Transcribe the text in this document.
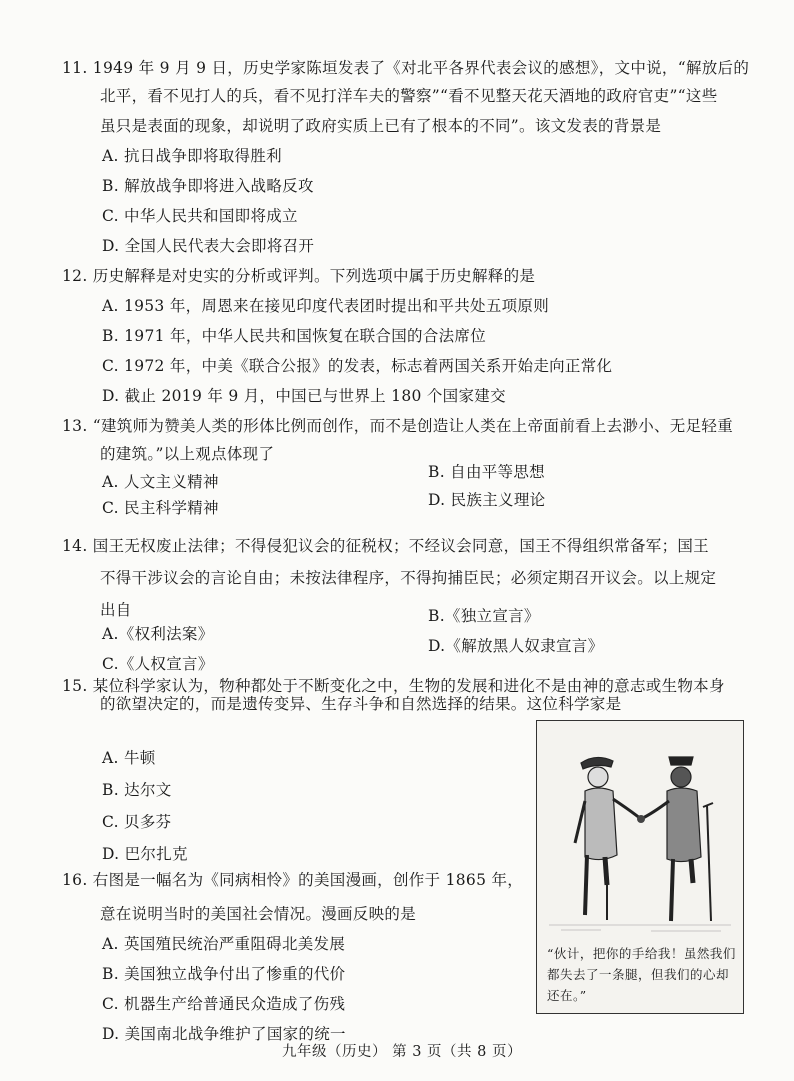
11. 1949 年 9 月 9 日，历史学家陈垣发表了《对北平各界代表会议的感想》，文中说，“解放后的
北平，看不见打人的兵，看不见打洋车夫的警察”“看不见整天花天酒地的政府官吏”“这些
虽只是表面的现象，却说明了政府实质上已有了根本的不同”。该文发表的背景是
A. 抗日战争即将取得胜利
B. 解放战争即将进入战略反攻
C. 中华人民共和国即将成立
D. 全国人民代表大会即将召开
12. 历史解释是对史实的分析或评判。下列选项中属于历史解释的是
A. 1953 年，周恩来在接见印度代表团时提出和平共处五项原则
B. 1971 年，中华人民共和国恢复在联合国的合法席位
C. 1972 年，中美《联合公报》的发表，标志着两国关系开始走向正常化
D. 截止 2019 年 9 月，中国已与世界上 180 个国家建交
13. “建筑师为赞美人类的形体比例而创作，而不是创造让人类在上帝面前看上去渺小、无足轻重
的建筑。”以上观点体现了
A. 人文主义精神
B. 自由平等思想
C. 民主科学精神	D. 民族主义理论
14. 国王无权废止法律；不得侵犯议会的征税权；不经议会同意，国王不得组织常备军；国王
不得干涉议会的言论自由；未按法律程序，不得拘捕臣民；必须定期召开议会。以上规定
出自
A.《权利法案》
B.《独立宣言》
C.《人权宣言》
D.《解放黑人奴隶宣言》
15. 某位科学家认为，物种都处于不断变化之中，生物的发展和进化不是由神的意志或生物本身
的欲望决定的，而是遗传变异、生存斗争和自然选择的结果。这位科学家是
A. 牛顿
B. 达尔文
C. 贝多芬
D. 巴尔扎克
16. 右图是一幅名为《同病相怜》的美国漫画，创作于 1865 年，
意在说明当时的美国社会情况。漫画反映的是
A. 英国殖民统治严重阻碍北美发展
B. 美国独立战争付出了惨重的代价
C. 机器生产给普通民众造成了伤残
D. 美国南北战争维护了国家的统一
“伙计，把你的手给我！虽然我们都失去了一条腿，但我们的心却还在。”
九年级（历史） 第 3 页（共 8 页）
